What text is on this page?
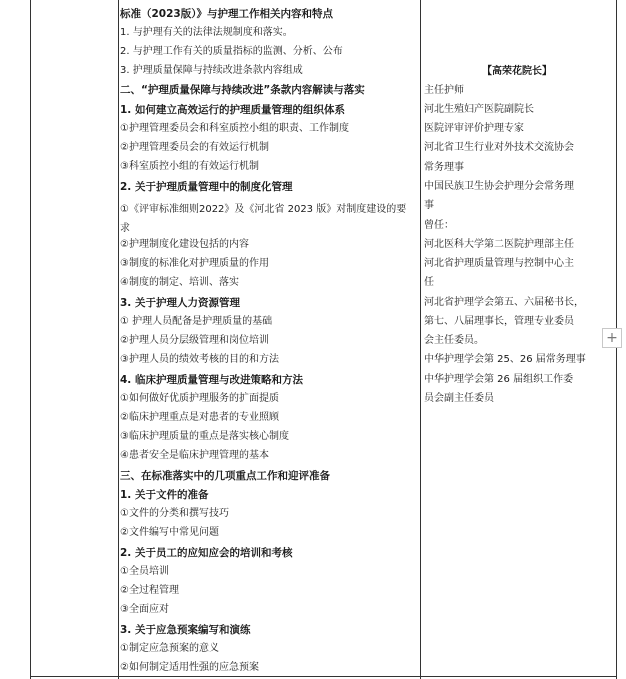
标准（2023版）》与护理工作相关内容和特点
1. 与护理有关的法律法规制度和落实。
2. 与护理工作有关的质量指标的监测、分析、公布
3. 护理质量保障与持续改进条款内容组成
二、“护理质量保障与持续改进”条款内容解读与落实
1. 如何建立高效运行的护理质量管理的组织体系
①护理管理委员会和科室质控小组的职责、工作制度
②护理管理委员会的有效运行机制
③科室质控小组的有效运行机制
2. 关于护理质量管理中的制度化管理
①《评审标准细则2022》及《河北省 2023 版》对制度建设的要求
②护理制度化建设包括的内容
③制度的标准化对护理质量的作用
④制度的制定、培训、落实
3. 关于护理人力资源管理
① 护理人员配备是护理质量的基础
②护理人员分层级管理和岗位培训
③护理人员的绩效考核的目的和方法
4. 临床护理质量管理与改进策略和方法
①如何做好优质护理服务的扩面提质
②临床护理重点是对患者的专业照顾
③临床护理质量的重点是落实核心制度
④患者安全是临床护理管理的基本
三、在标准落实中的几项重点工作和迎评准备
1. 关于文件的准备
①文件的分类和撰写技巧
②文件编写中常见问题
2. 关于员工的应知应会的培训和考核
①全员培训
②全过程管理
③全面应对
3. 关于应急预案编写和演练
①制定应急预案的意义
②如何制定适用性强的应急预案
【高荣花院长】
主任护师
河北生殖妇产医院副院长
医院评审评价护理专家
河北省卫生行业对外技术交流协会
常务理事
中国民族卫生协会护理分会常务理
事
曾任：
河北医科大学第二医院护理部主任
河北省护理质量管理与控制中心主
任
河北省护理学会第五、六届秘书长，
第七、八届理事长，管理专业委员
会主任委员。
中华护理学会第 25、26 届常务理事
中华护理学会第 26 届组织工作委
员会副主任委员
+
